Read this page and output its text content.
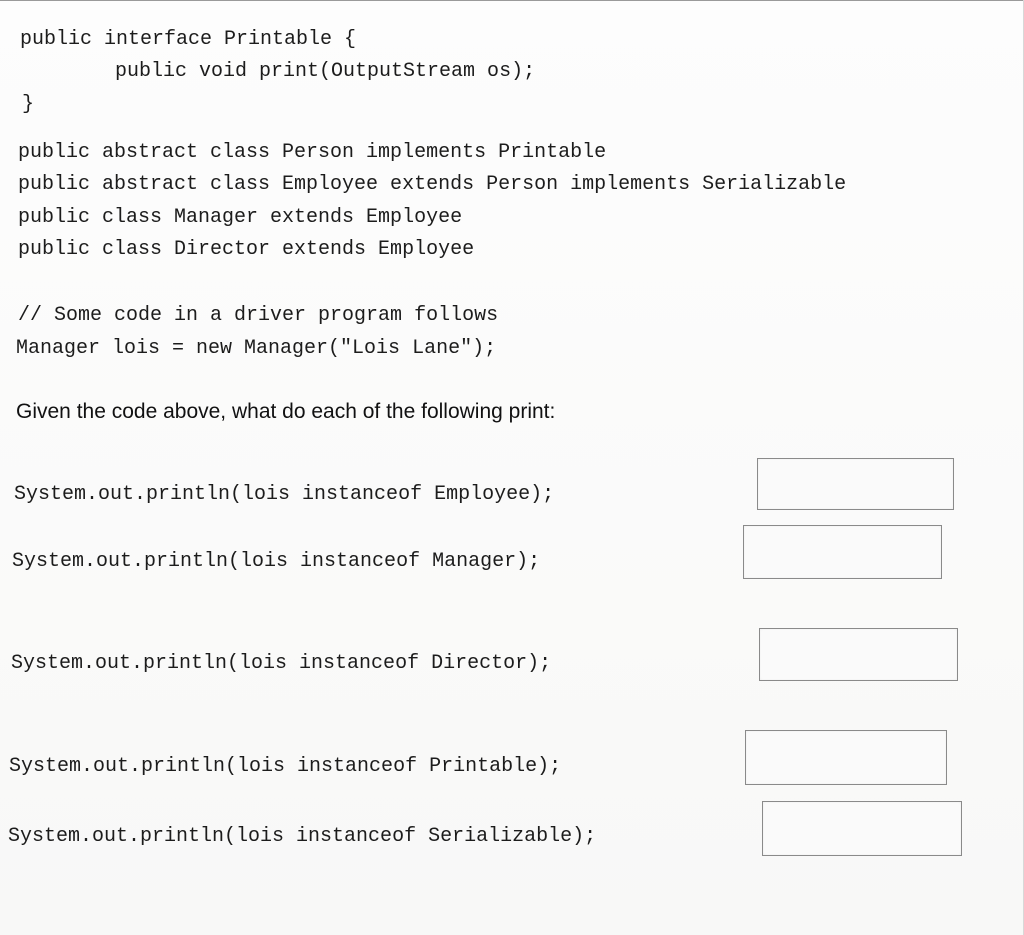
public interface Printable {
public void print(OutputStream os);
}
public abstract class Person implements Printable
public abstract class Employee extends Person implements Serializable
public class Manager extends Employee
public class Director extends Employee
// Some code in a driver program follows
Manager lois = new Manager("Lois Lane");
Given the code above, what do each of the following print:
System.out.println(lois instanceof Employee);
System.out.println(lois instanceof Manager);
System.out.println(lois instanceof Director);
System.out.println(lois instanceof Printable);
System.out.println(lois instanceof Serializable);
